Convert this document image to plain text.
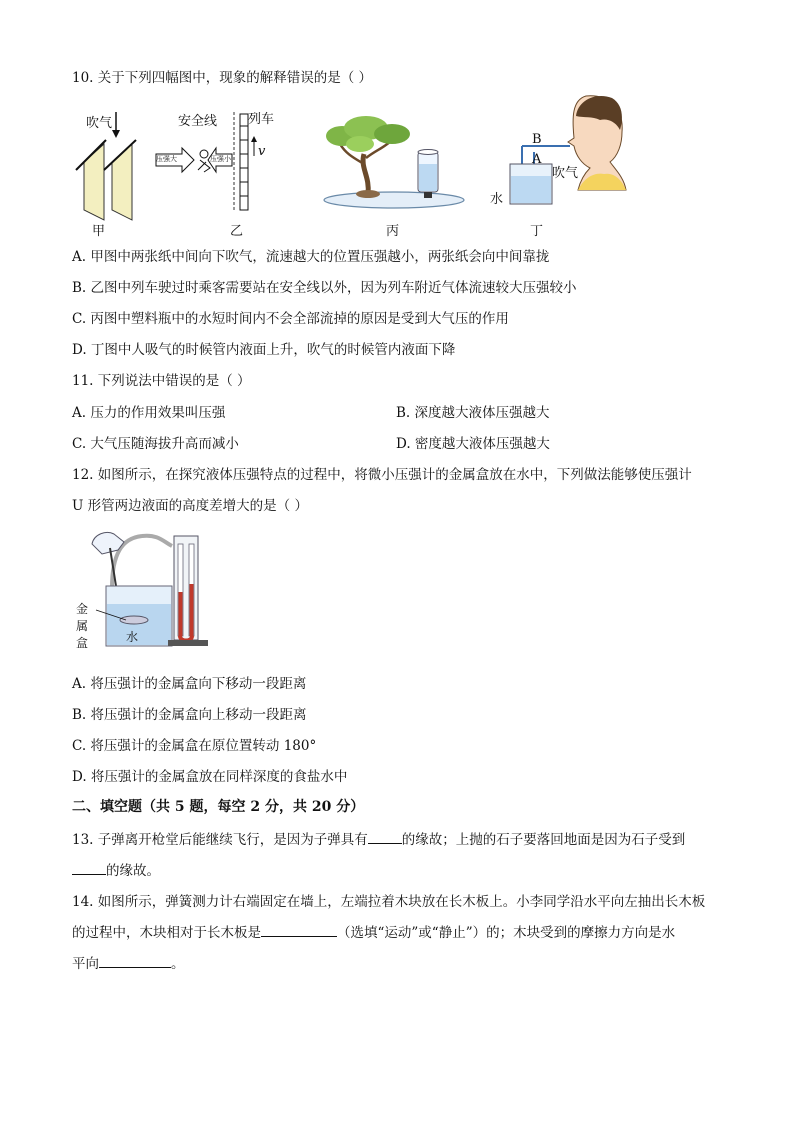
10. 关于下列四幅图中，现象的解释错误的是（ ）
吹气
甲
安全线 列车
压强大	压强小 v
乙	丙
B
A
吹气
水
丁
A. 甲图中两张纸中间向下吹气，流速越大的位置压强越小，两张纸会向中间靠拢
B. 乙图中列车驶过时乘客需要站在安全线以外，因为列车附近气体流速较大压强较小
C. 丙图中塑料瓶中的水短时间内不会全部流掉的原因是受到大气压的作用
D. 丁图中人吸气的时候管内液面上升，吹气的时候管内液面下降
11. 下列说法中错误的是（ ）
A. 压力的作用效果叫压强	B. 深度越大液体压强越大
C. 大气压随海拔升高而减小	D. 密度越大液体压强越大
12. 如图所示，在探究液体压强特点的过程中，将微小压强计的金属盒放在水中，下列做法能够使压强计
U 形管两边液面的高度差增大的是（ ）
金
属
盒	水
A. 将压强计的金属盒向下移动一段距离
B. 将压强计的金属盒向上移动一段距离
C. 将压强计的金属盒在原位置转动 180°
D. 将压强计的金属盒放在同样深度的食盐水中
二、填空题（共 5 题，每空 2 分，共 20 分）
13. 子弹离开枪堂后能继续飞行，是因为子弹具有	的缘故；上抛的石子要落回地面是因为石子受到
的缘故。
14. 如图所示，弹簧测力计右端固定在墙上，左端拉着木块放在长木板上。小李同学沿水平向左抽出长木板
的过程中，木块相对于长木板是	（选填“运动”或“静止”）的；木块受到的摩擦力方向是水
平向	。
